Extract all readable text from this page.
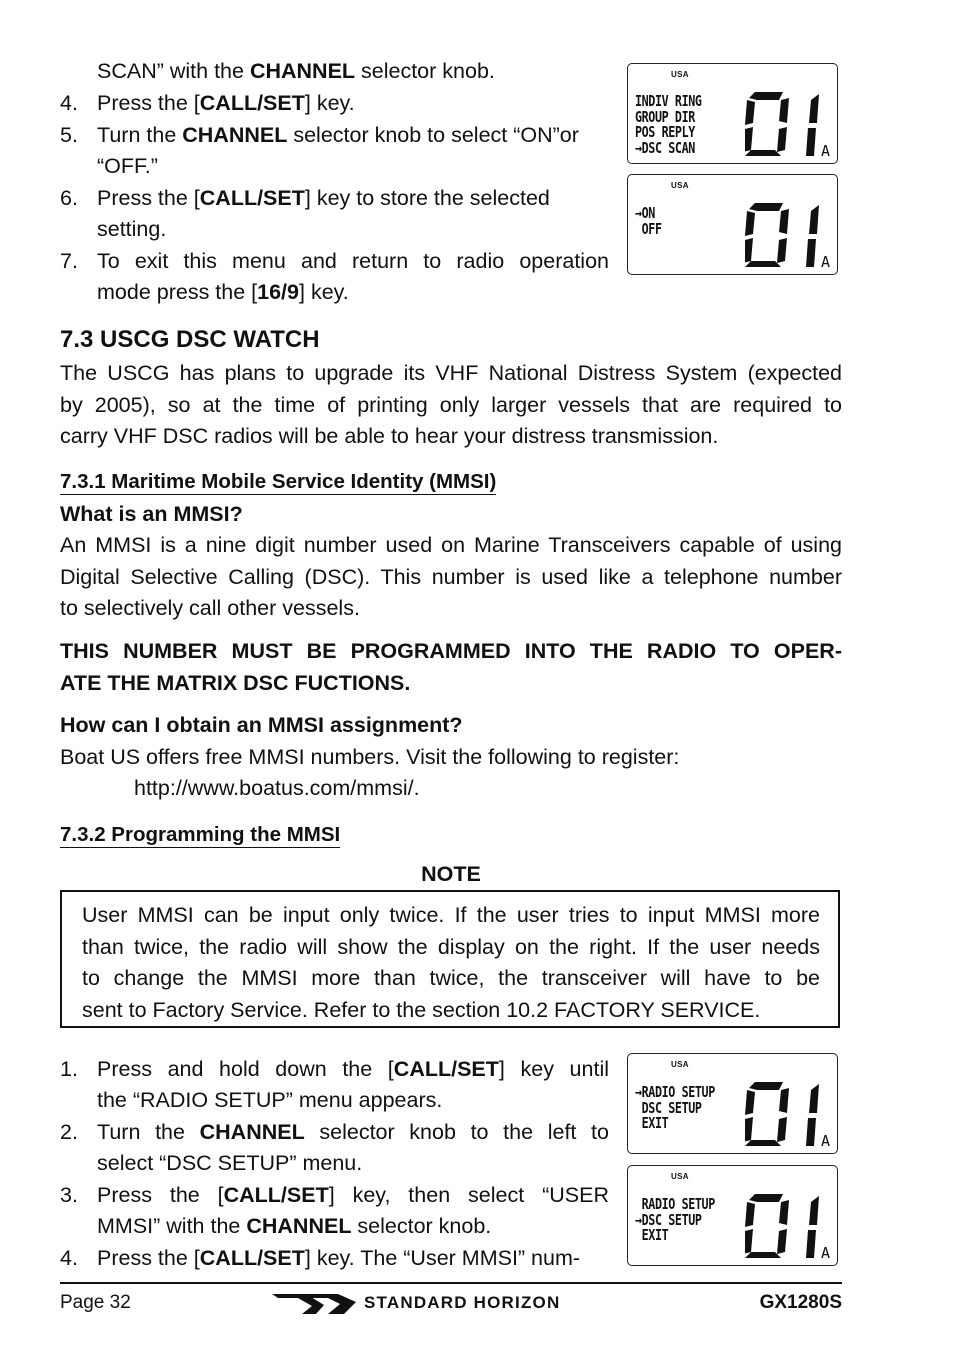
SCAN” with the CHANNEL selector knob.
4. Press the [CALL/SET] key.
5. Turn the CHANNEL selector knob to select “ON”or
“OFF.”
6. Press the [CALL/SET] key to store the selected
setting.
7. To exit this menu and return to radio operation
mode press the [16/9] key.
USA
INDIV RING
GROUP DIR
POS REPLY
→DSC SCAN	A
USA
→ON
OFF
A
7.3 USCG DSC WATCH
The USCG has plans to upgrade its VHF National Distress System (expected
by 2005), so at the time of printing only larger vessels that are required to
carry VHF DSC radios will be able to hear your distress transmission.
7.3.1 Maritime Mobile Service Identity (MMSI)
What is an MMSI?
An MMSI is a nine digit number used on Marine Transceivers capable of using
Digital Selective Calling (DSC). This number is used like a telephone number
to selectively call other vessels.
THIS NUMBER MUST BE PROGRAMMED INTO THE RADIO TO OPER-
ATE THE MATRIX DSC FUCTIONS.
How can I obtain an MMSI assignment?
Boat US offers free MMSI numbers. Visit the following to register:
http://www.boatus.com/mmsi/.
7.3.2 Programming the MMSI
NOTE
User MMSI can be input only twice. If the user tries to input MMSI more
than twice, the radio will show the display on the right. If the user needs
to change the MMSI more than twice, the transceiver will have to be
sent to Factory Service. Refer to the section 10.2 FACTORY SERVICE.
1. Press and hold down the [CALL/SET] key until
the “RADIO SETUP” menu appears.
2. Turn the CHANNEL selector knob to the left to
select “DSC SETUP” menu.
3. Press the [CALL/SET] key, then select “USER
MMSI” with the CHANNEL selector knob.
4. Press the [CALL/SET] key. The “User MMSI” num-
USA
→RADIO SETUP
DSC SETUP
EXIT
A
USA
RADIO SETUP
→DSC SETUP
EXIT
A
Page 32	STANDARD HORIZON	GX1280S
